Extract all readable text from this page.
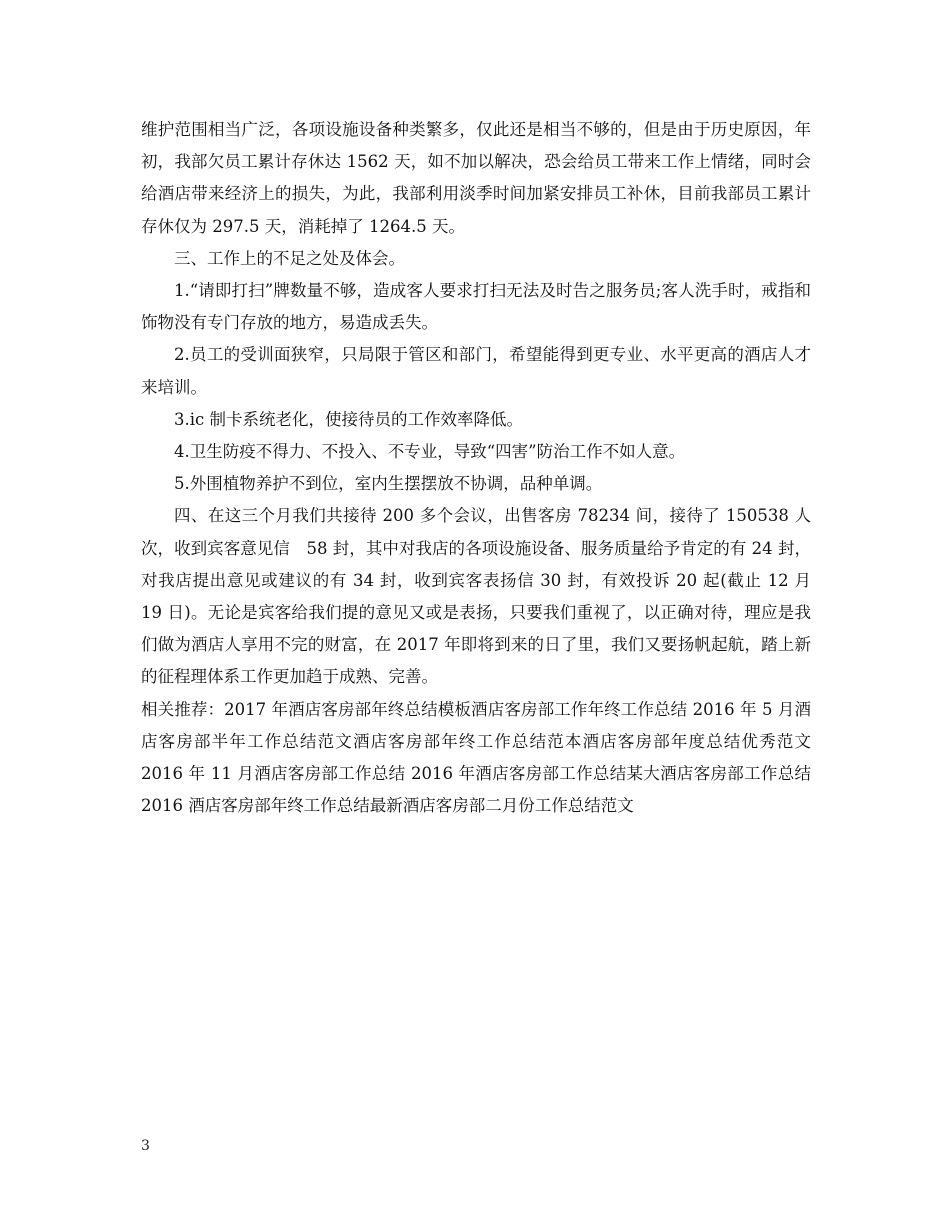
维护范围相当广泛，各项设施设备种类繁多，仅此还是相当不够的，但是由于历史原因，年初，我部欠员工累计存休达 1562 天，如不加以解决，恐会给员工带来工作上情绪，同时会给酒店带来经济上的损失，为此，我部利用淡季时间加紧安排员工补休，目前我部员工累计存休仅为 297.5 天，消耗掉了 1264.5 天。

三、工作上的不足之处及体会。

1.“请即打扫”牌数量不够，造成客人要求打扫无法及时告之服务员;客人洗手时，戒指和饰物没有专门存放的地方，易造成丢失。

2.员工的受训面狭窄，只局限于管区和部门，希望能得到更专业、水平更高的酒店人才来培训。

3.ic 制卡系统老化，使接待员的工作效率降低。

4.卫生防疫不得力、不投入、不专业，导致“四害”防治工作不如人意。

5.外围植物养护不到位，室内生摆摆放不协调，品种单调。

四、在这三个月我们共接待 200 多个会议，出售客房 78234 间，接待了 150538 人次，收到宾客意见信　58 封，其中对我店的各项设施设备、服务质量给予肯定的有 24 封，对我店提出意见或建议的有 34 封，收到宾客表扬信 30 封，有效投诉 20 起(截止 12 月 19 日)。无论是宾客给我们提的意见又或是表扬，只要我们重视了，以正确对待，理应是我们做为酒店人享用不完的财富，在 2017 年即将到来的日了里，我们又要扬帆起航，踏上新的征程理体系工作更加趋于成熟、完善。

相关推荐：2017 年酒店客房部年终总结模板酒店客房部工作年终工作总结 2016 年 5 月酒店客房部半年工作总结范文酒店客房部年终工作总结范本酒店客房部年度总结优秀范文 2016 年 11 月酒店客房部工作总结 2016 年酒店客房部工作总结某大酒店客房部工作总结 2016 酒店客房部年终工作总结最新酒店客房部二月份工作总结范文

3
